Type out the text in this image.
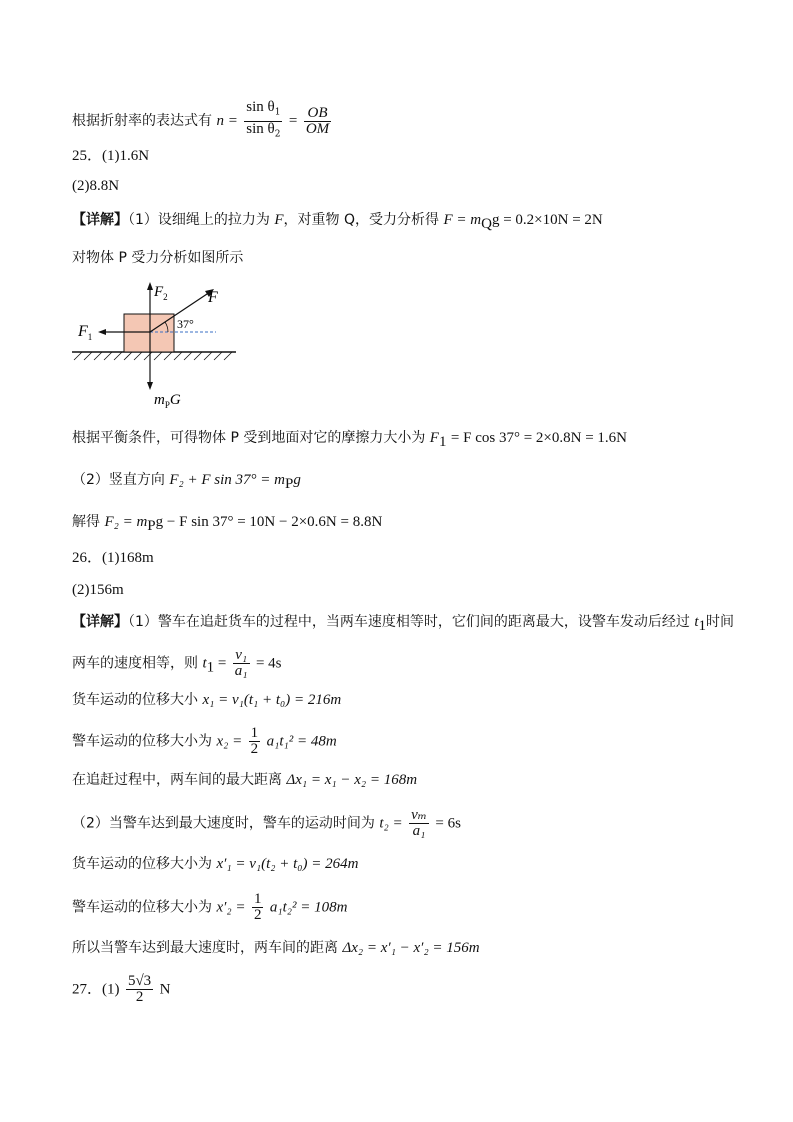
根据折射率的表达式有 $n = \frac{\sin \theta_1}{\sin \theta_2} = \frac{OB}{OM}$
25．(1)1.6N
(2)8.8N
【详解】（1）设细绳上的拉力为 F，对重物 Q，受力分析得 $F = m_Qg = 0.2\times 10N = 2N$
对物体 P 受力分析如图所示
$F_2$	F
37°
$F_1$
$m_PG$
根据平衡条件，可得物体 P 受到地面对它的摩擦力大小为 $F_1 = F$ cos 37° = 2×0.8N = 1.6N
（2）竖直方向 F₂ + F $\sin 37^\circ = m_Pg$
解得 $F_2 = m_Pg - F$ sin 37° = 10N − 2×0.6N = 8.8N
26．(1)168m
(2)156m
【详解】（1）警车在追赶货车的过程中，当两车速度相等时，它们间的距离最大，设警车发动后经过 $t_1$时间
两车的速度相等，则 $t_1 = \frac{\text{v₁}}{\text{a₁}} = 4s$
货车运动的位移大小 x₁ = v₁(t₁ + t₀) = 216m
警车运动的位移大小为 $x_2 = \frac{1}{2} a_1t_1^2 = 48m$
在追赶过程中，两车间的最大距离 Δx₁ = x₁ − x₂ = 168m
（2）当警车达到最大速度时，警车的运动时间为 $t_2 = \frac{\text{vₘ}}{\text{a₁}} = 6s$
货车运动的位移大小为 x′₁ = v₁(t₂ + t₀) = 264m
警车运动的位移大小为 $x'_2 = \frac{1}{2} a_1t_2^2 = 108m$
所以当警车达到最大速度时，两车间的距离 Δx₂ = x′₁ − x′₂ = 156m
27．$(1) \frac{5√3}{2}$ N
